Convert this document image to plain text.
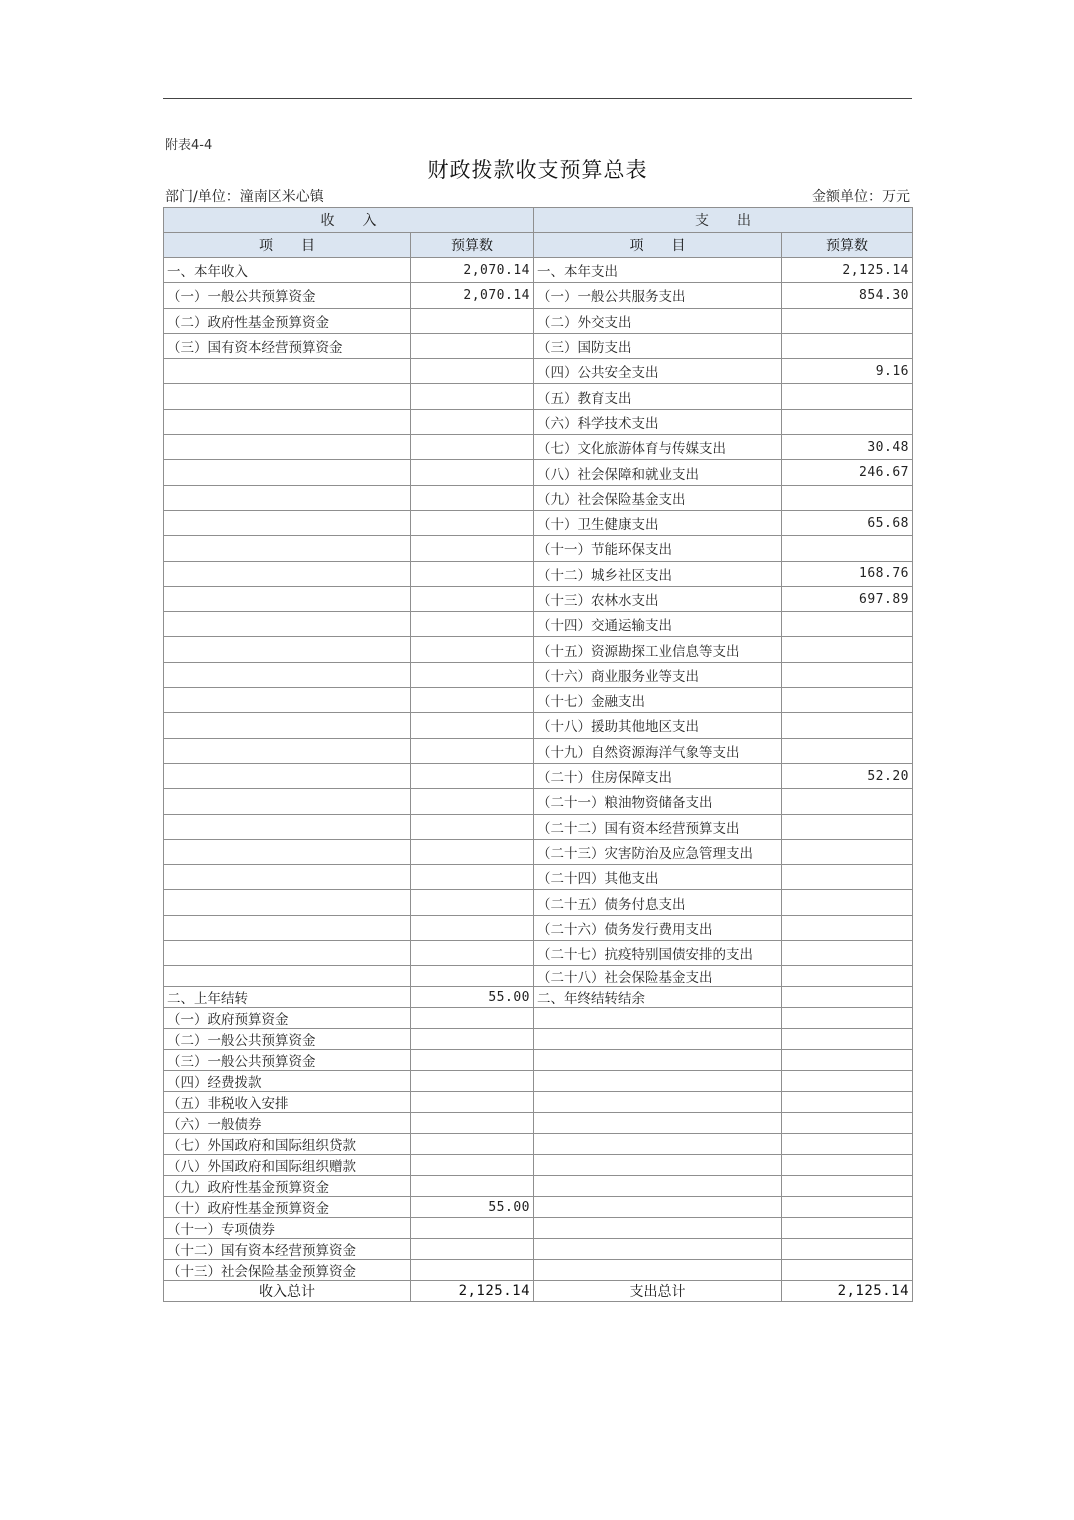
附表4-4
财政拨款收支预算总表
部门/单位：潼南区米心镇	金额单位：万元
收　　入		支　　出	
项　　目	预算数	项　　目	预算数
一、本年收入	2,070.14	一、本年支出	2,125.14
（一）一般公共预算资金	2,070.14	（一）一般公共服务支出	854.30
（二）政府性基金预算资金		（二）外交支出	
（三）国有资本经营预算资金		（三）国防支出	
		（四）公共安全支出	9.16
		（五）教育支出	
		（六）科学技术支出	
		（七）文化旅游体育与传媒支出	30.48
		（八）社会保障和就业支出	246.67
		（九）社会保险基金支出	
		（十）卫生健康支出	65.68
		（十一）节能环保支出	
		（十二）城乡社区支出	168.76
		（十三）农林水支出	697.89
		（十四）交通运输支出	
		（十五）资源勘探工业信息等支出	
		（十六）商业服务业等支出	
		（十七）金融支出	
		（十八）援助其他地区支出	
		（十九）自然资源海洋气象等支出	
		（二十）住房保障支出	52.20
		（二十一）粮油物资储备支出	
		（二十二）国有资本经营预算支出	
		（二十三）灾害防治及应急管理支出	
		（二十四）其他支出	
		（二十五）债务付息支出	
		（二十六）债务发行费用支出	
		（二十七）抗疫特别国债安排的支出	
		（二十八）社会保险基金支出	
二、上年结转	55.00	二、年终结转结余	
（一）政府预算资金			
（二）一般公共预算资金			
（三）一般公共预算资金			
（四）经费拨款			
（五）非税收入安排			
（六）一般债券			
（七）外国政府和国际组织贷款			
（八）外国政府和国际组织赠款			
（九）政府性基金预算资金			
（十）政府性基金预算资金	55.00		
（十一）专项债券			
（十二）国有资本经营预算资金			
（十三）社会保险基金预算资金			
收入总计	2,125.14	支出总计	2,125.14
